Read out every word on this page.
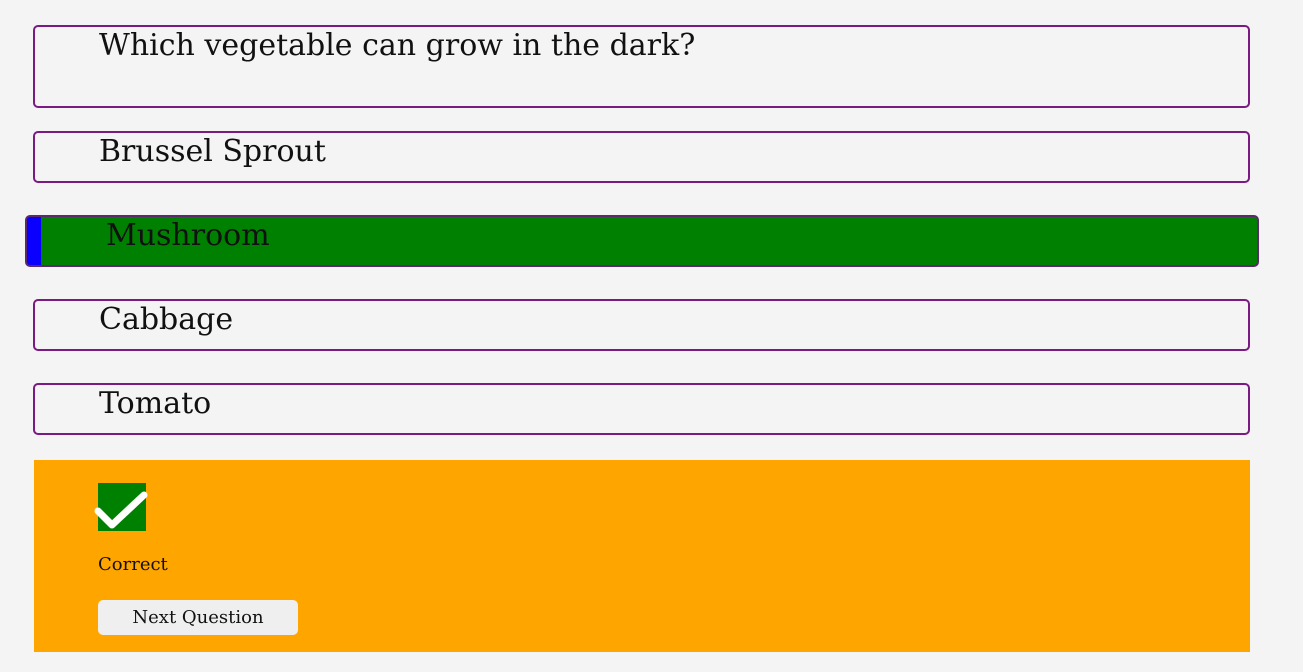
Which vegetable can grow in the dark?
Brussel Sprout
Mushroom
Cabbage
Tomato
Correct
Next Question
